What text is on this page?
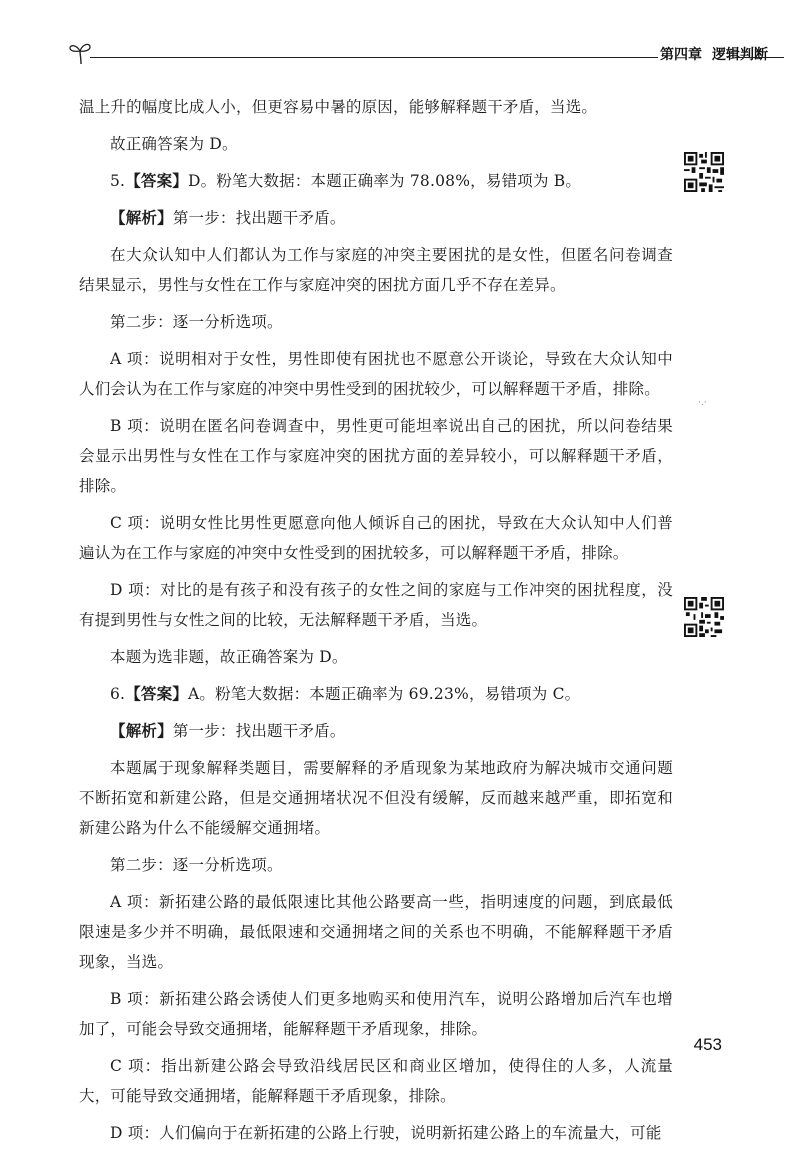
第四章 逻辑判断

温上升的幅度比成人小，但更容易中暑的原因，能够解释题干矛盾，当选。

故正确答案为 D。

5.【答案】D。粉笔大数据：本题正确率为 78.08%，易错项为 B。

【解析】第一步：找出题干矛盾。

在大众认知中人们都认为工作与家庭的冲突主要困扰的是女性，但匿名问卷调查结果显示，男性与女性在工作与家庭冲突的困扰方面几乎不存在差异。

第二步：逐一分析选项。

A 项：说明相对于女性，男性即使有困扰也不愿意公开谈论，导致在大众认知中人们会认为在工作与家庭的冲突中男性受到的困扰较少，可以解释题干矛盾，排除。

B 项：说明在匿名问卷调查中，男性更可能坦率说出自己的困扰，所以问卷结果会显示出男性与女性在工作与家庭冲突的困扰方面的差异较小，可以解释题干矛盾，排除。

C 项：说明女性比男性更愿意向他人倾诉自己的困扰，导致在大众认知中人们普遍认为在工作与家庭的冲突中女性受到的困扰较多，可以解释题干矛盾，排除。

D 项：对比的是有孩子和没有孩子的女性之间的家庭与工作冲突的困扰程度，没有提到男性与女性之间的比较，无法解释题干矛盾，当选。

本题为选非题，故正确答案为 D。

6.【答案】A。粉笔大数据：本题正确率为 69.23%，易错项为 C。

【解析】第一步：找出题干矛盾。

本题属于现象解释类题目，需要解释的矛盾现象为某地政府为解决城市交通问题不断拓宽和新建公路，但是交通拥堵状况不但没有缓解，反而越来越严重，即拓宽和新建公路为什么不能缓解交通拥堵。

第二步：逐一分析选项。

A 项：新拓建公路的最低限速比其他公路要高一些，指明速度的问题，到底最低限速是多少并不明确，最低限速和交通拥堵之间的关系也不明确，不能解释题干矛盾现象，当选。

B 项：新拓建公路会诱使人们更多地购买和使用汽车，说明公路增加后汽车也增加了，可能会导致交通拥堵，能解释题干矛盾现象，排除。

C 项：指出新建公路会导致沿线居民区和商业区增加，使得住的人多，人流量大，可能导致交通拥堵，能解释题干矛盾现象，排除。

D 项：人们偏向于在新拓建的公路上行驶，说明新拓建公路上的车流量大，可能

·.·
453
